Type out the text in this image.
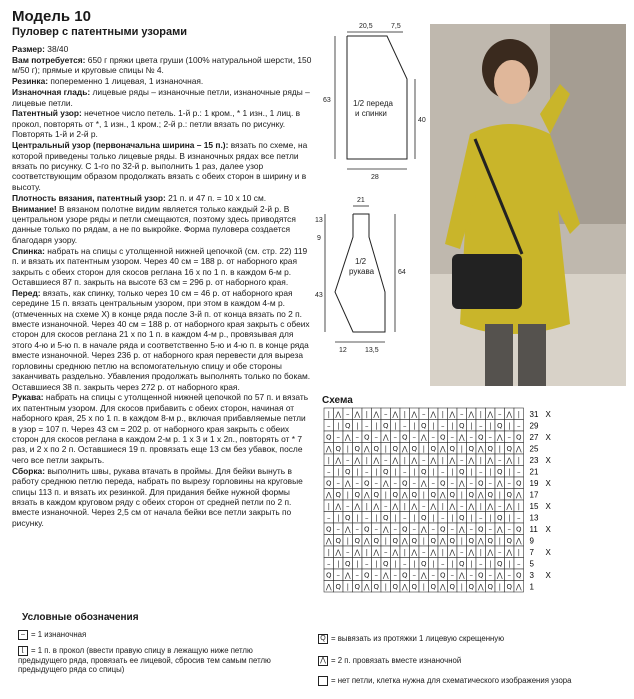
Модель 10
Пуловер с патентными узорами

Размер: 38/40

Вам потребуется: 650 г пряжи цвета груши (100% натуральной шерсти, 150 м/50 г); прямые и круговые спицы № 4.

Резинка: попеременно 1 лицевая, 1 изнаночная.

Изнаночная гладь: лицевые ряды – изнаночные петли, изнаночные ряды – лицевые петли.

Патентный узор: нечетное число петель. 1-й р.: 1 кром., * 1 изн., 1 лиц. в прокол, повторять от *, 1 изн., 1 кром.; 2-й р.: петли вязать по рисунку. Повторять 1-й и 2-й р.

Центральный узор (первоначальна ширина – 15 п.): вязать по схеме, на которой приведены только лицевые ряды. В изнаночных рядах все петли вязать по рисунку. С 1-го по 32-й р. выполнить 1 раз, далее узор соответствующим образом продолжать вязать с обеих сторон в ширину и в высоту.

Плотность вязания, патентный узор: 21 п. и 47 п. = 10 х 10 см.

Внимание! В вязаном полотне видим является только каждый 2-й р. В центральном узоре ряды и петли смещаются, поэтому здесь приводятся данные только по рядам, а не по выкройке. Форма пуловера создается благодаря узору.

Спинка: набрать на спицы с утолщенной нижней цепочкой (см. стр. 22) 119 п. и вязать их патентным узором. Через 40 см = 188 р. от наборного края закрыть с обеих сторон для скосов реглана 16 х по 1 п. в каждом 6-м р. Оставшиеся 87 п. закрыть на высоте 63 см = 296 р. от наборного края.

Перед: вязать, как спинку, только через 10 см = 46 р. от наборного края середине 15 п. вязать центральным узором, при этом в каждом 4-м р. (отмеченных на схеме Х) в конце ряда после 3-й п. от конца вязать по 2 п. вместе изнаночной. Через 40 см = 188 р. от наборного края закрыть с обеих сторон для скосов реглана 21 х по 1 п. в каждом 4-м р., провязывая для этого 4-ю и 5-ю п. в начале ряда и соответственно 5-ю и 4-ю п. в конце ряда вместе изнаночной. Через 236 р. от наборного края перевести для выреза горловины среднюю петлю на вспомогательную спицу и обе стороны заканчивать раздельно. Убавления продолжать выполнять только по бокам. Оставшиеся 38 п. закрыть через 272 р. от наборного края.

Рукава: набрать на спицы с утолщенной нижней цепочкой по 57 п. и вязать их патентным узором. Для скосов прибавить с обеих сторон, начиная от наборного края, 25 х по 1 п. в каждом 8-м р., включая прибавляемые петли в узор = 107 п. Через 43 см = 202 р. от наборного края закрыть с обеих сторон для скосов реглана в каждом 2-м р. 1 х 3 и 1 х 2п., повторять от * 7 раз, и 2 х по 2 п. Оставшиеся 19 п. провязать еще 13 см без убавок, после чего все петли закрыть.

Сборка: выполнить швы, рукава втачать в проймы. Для бейки вынуть в работу среднюю петлю переда, набрать по вырезу горловины на круговые спицы 113 п. и вязать их резинкой. Для придания бейке нужной формы вязать в каждом круговом ряду с обеих сторон от средней петли по 2 п. вместе изнаночной. Через 2,5 см от начала бейки все петли закрыть по рисунку.

20,5	7,5
63
40
28
1/2 переда
и спинки
21
13
9
64
43
12	13,5
1/2
рукава
Схема
| ⋀ – ⋀ | ⋀ – ⋀ | ⋀ – ⋀ | ⋀ – ⋀ | ⋀ – ⋀ | 31 X
– | Q | – | Q | – | Q | – | Q | – | Q | – 29
Q – ⋀ – Q – ⋀ – Q – ⋀ – Q – ⋀ – Q – ⋀ – Q 27 X
⋀ Q | Q ⋀ Q | Q ⋀ Q | Q ⋀ Q | Q ⋀ Q | Q ⋀ 25
| ⋀ – ⋀ | ⋀ – ⋀ | ⋀ – ⋀ | ⋀ – ⋀ | ⋀ – ⋀ | 23 X
– | Q | – | Q | – | Q | – | Q | – | Q | – 21
Q – ⋀ – Q – ⋀ – Q – ⋀ – Q – ⋀ – Q – ⋀ – Q 19 X
⋀ Q | Q ⋀ Q | Q ⋀ Q | Q ⋀ Q | Q ⋀ Q | Q ⋀ 17
| ⋀ – ⋀ | ⋀ – ⋀ | ⋀ – ⋀ | ⋀ – ⋀ | ⋀ – ⋀ | 15 X
– | Q | – | Q | – | Q | – | Q | – | Q | – 13
Q – ⋀ – Q – ⋀ – Q – ⋀ – Q – ⋀ – Q – ⋀ – Q 11 X
⋀ Q | Q ⋀ Q | Q ⋀ Q | Q ⋀ Q | Q ⋀ Q | Q ⋀ 9
| ⋀ – ⋀ | ⋀ – ⋀ | ⋀ – ⋀ | ⋀ – ⋀ | ⋀ – ⋀ | 7 X
– | Q | – | Q | – | Q | – | Q | – | Q | – 5
Q – ⋀ – Q – ⋀ – Q – ⋀ – Q – ⋀ – Q – ⋀ – Q 3 X
⋀ Q | Q ⋀ Q | Q ⋀ Q | Q ⋀ Q | Q ⋀ Q | Q ⋀ 1
Условные обозначения
– = 1 изнаночная
⌊ = 1 п. в прокол (ввести правую спицу в лежащую ниже петлю предыдущего ряда, провязать ее лицевой, сбросив тем самым петлю предыдущего ряда со спицы)
Q = вывязать из протяжки 1 лицевую скрещенную
⋀ = 2 п. провязать вместе изнаночной
= нет петли, клетка нужна для схематического изображения узора
